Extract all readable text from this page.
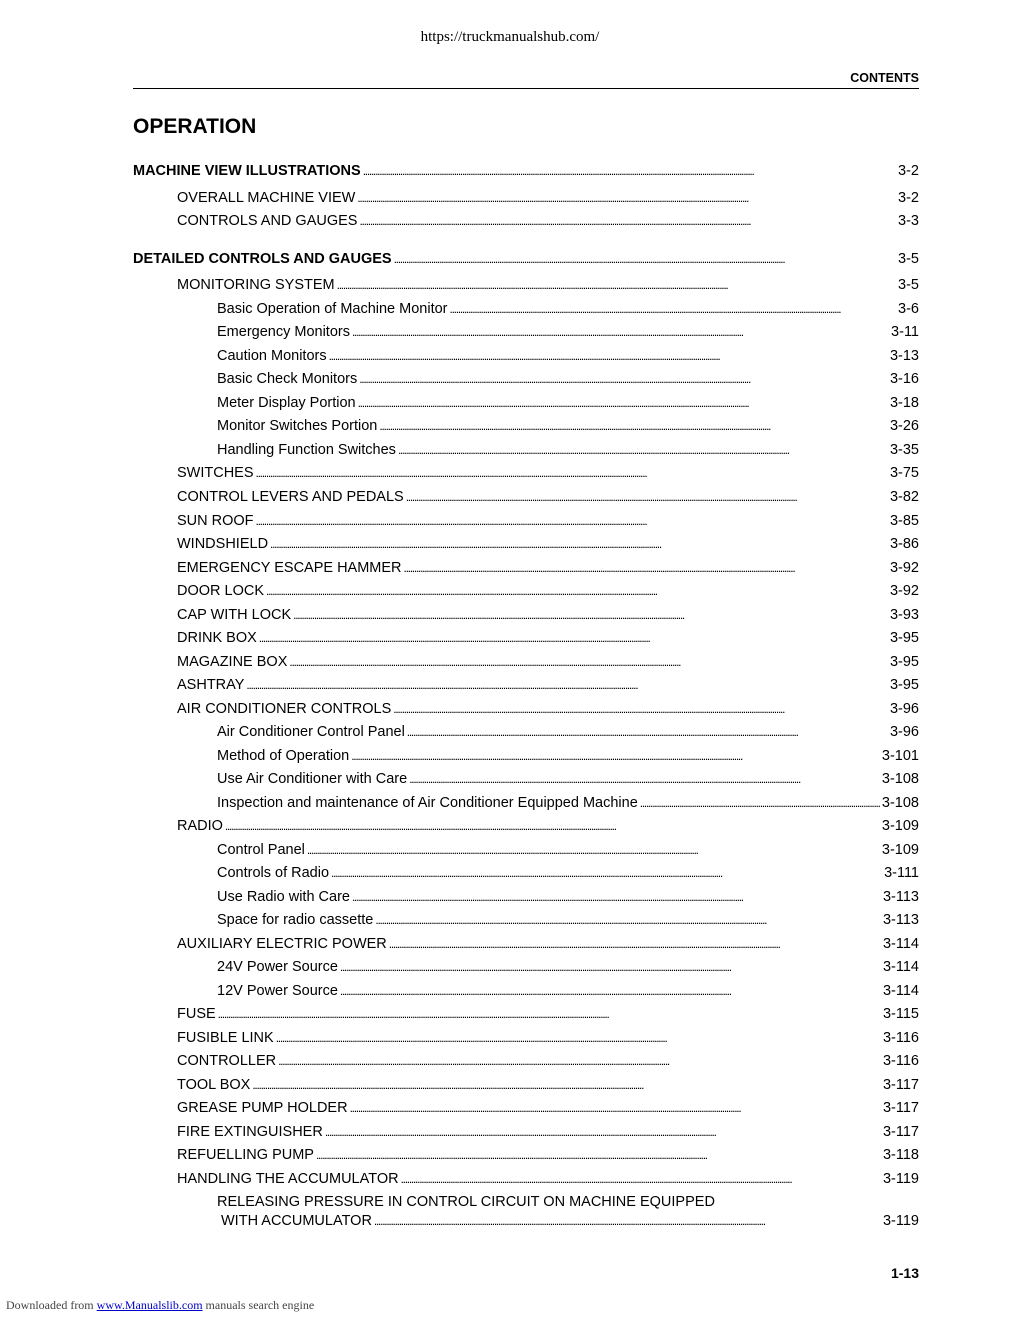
https://truckmanualshub.com/
CONTENTS
OPERATION
MACHINE VIEW ILLUSTRATIONS . . .	3-2
OVERALL MACHINE VIEW . . .	3-2
CONTROLS AND GAUGES . . .	3-3
DETAILED CONTROLS AND GAUGES . . .	3-5
MONITORING SYSTEM . . .	3-5
Basic Operation of Machine Monitor . . .	3-6
Emergency Monitors . . .	3-11
Caution Monitors . . .	3-13
Basic Check Monitors . . .	3-16
Meter Display Portion . . .	3-18
Monitor Switches Portion . . .	3-26
Handling Function Switches . . .	3-35
SWITCHES . . .	3-75
CONTROL LEVERS AND PEDALS . . .	3-82
SUN ROOF . . .	3-85
WINDSHIELD . . .	3-86
EMERGENCY ESCAPE HAMMER . . .	3-92
DOOR LOCK . . .	3-92
CAP WITH LOCK . . .	3-93
DRINK BOX . . .	3-95
MAGAZINE BOX . . .	3-95
ASHTRAY . . .	3-95
AIR CONDITIONER CONTROLS . . .	3-96
Air Conditioner Control Panel . . .	3-96
Method of Operation . . .	3-101
Use Air Conditioner with Care . . .	3-108
Inspection and maintenance of Air Conditioner Equipped Machine . . .	3-108
RADIO . . .	3-109
Control Panel . . .	3-109
Controls of Radio . . .	3-111
Use Radio with Care . . .	3-113
Space for radio cassette . . .	3-113
AUXILIARY ELECTRIC POWER . . .	3-114
24V Power Source . . .	3-114
12V Power Source . . .	3-114
FUSE . . .	3-115
FUSIBLE LINK . . .	3-116
CONTROLLER . . .	3-116
TOOL BOX . . .	3-117
GREASE PUMP HOLDER . . .	3-117
FIRE EXTINGUISHER . . .	3-117
REFUELLING PUMP . . .	3-118
HANDLING THE ACCUMULATOR . . .	3-119
RELEASING PRESSURE IN CONTROL CIRCUIT ON MACHINE EQUIPPED
WITH ACCUMULATOR . . .	3-119
1-13
Downloaded from www.Manualslib.com manuals search engine
